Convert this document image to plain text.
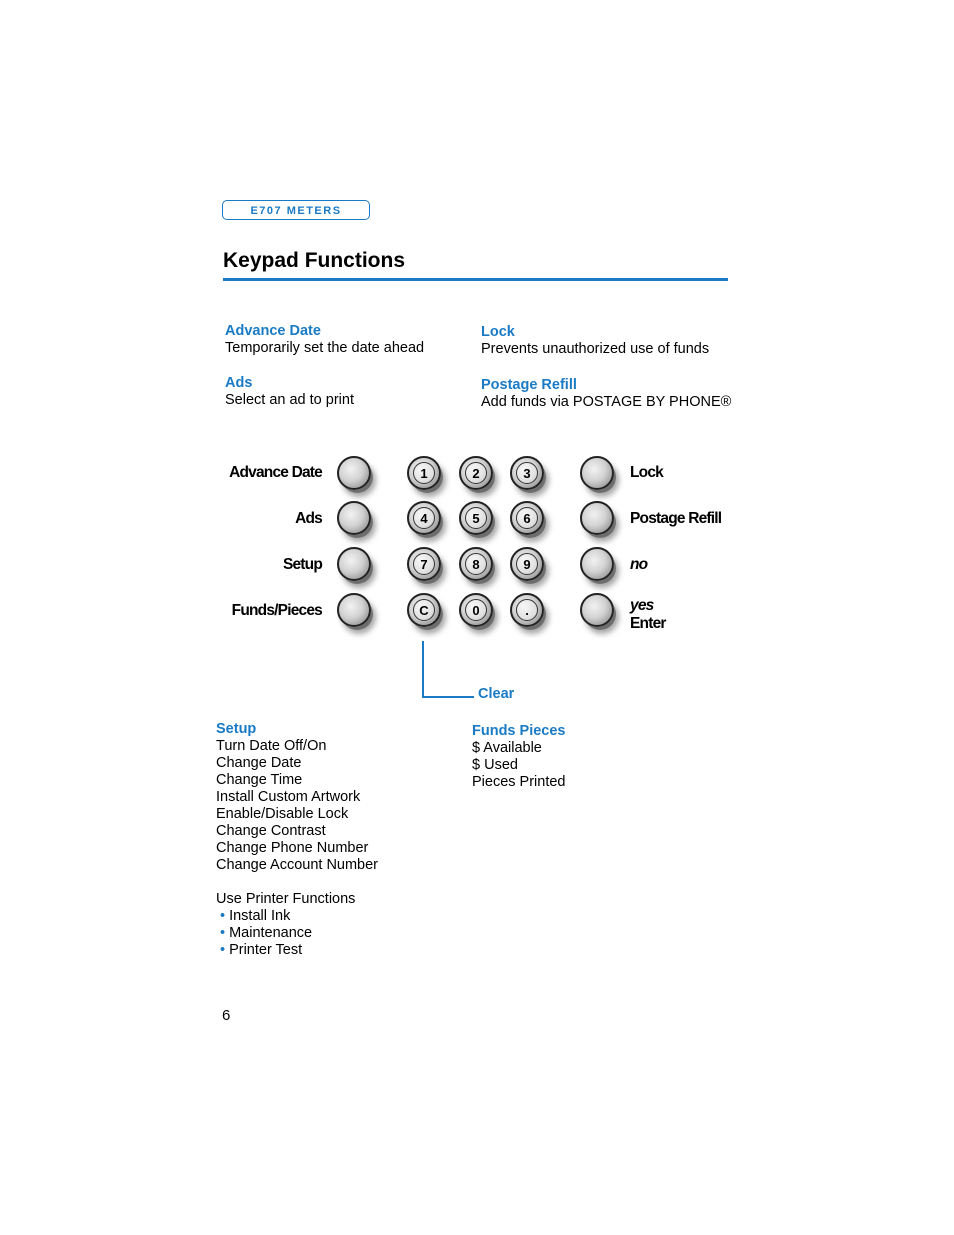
E707 METERS
Keypad Functions
Advance Date
Temporarily set the date ahead
Ads
Select an ad to print
Lock
Prevents unauthorized use of funds
Postage Refill
Add funds via POSTAGE BY PHONE®
Advance Date
Ads
Setup
Funds/Pieces
1	2	3
4	5	6
7	8	9
C	0	.
Lock
Postage Refill
no
yes
Enter
Clear
Setup
Turn Date Off/On
Change Date
Change Time
Install Custom Artwork
Enable/Disable Lock
Change Contrast
Change Phone Number
Change Account Number
Use Printer Functions
• Install Ink
• Maintenance
• Printer Test
Funds Pieces
$ Available
$ Used
Pieces Printed
6
